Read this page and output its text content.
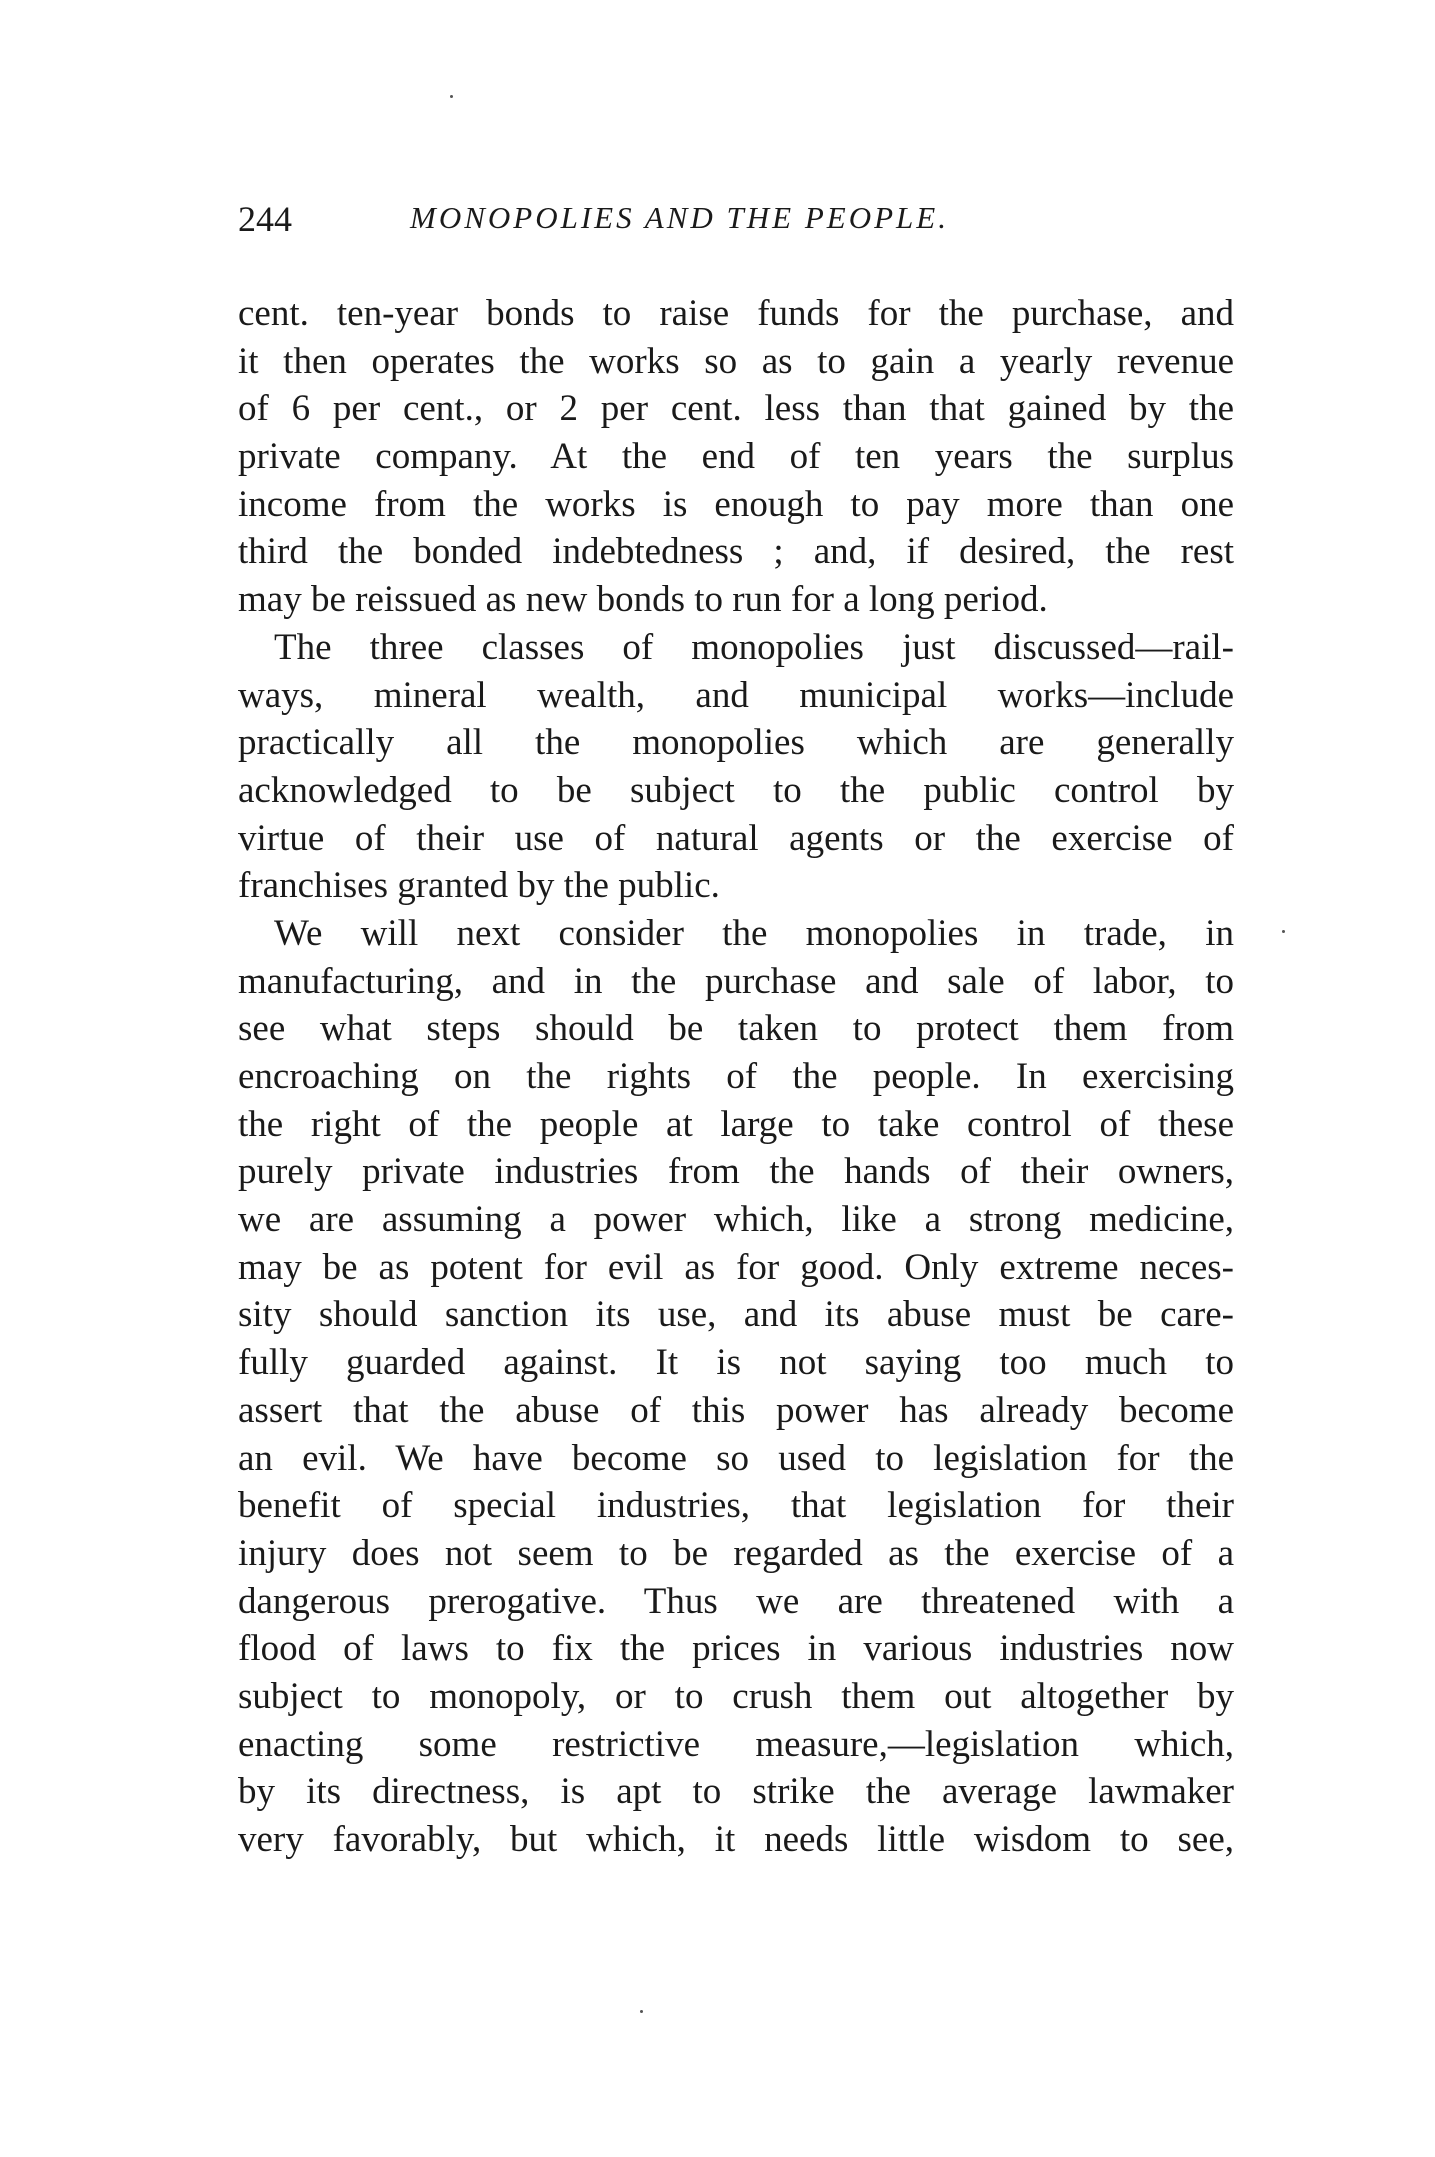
244	MONOPOLIES AND THE PEOPLE.
cent. ten-year bonds to raise funds for the purchase, and
it then operates the works so as to gain a yearly revenue
of 6 per cent., or 2 per cent. less than that gained by the
private company. At the end of ten years the surplus
income from the works is enough to pay more than one
third the bonded indebtedness ; and, if desired, the rest
may be reissued as new bonds to run for a long period.
The three classes of monopolies just discussed—rail-
ways, mineral wealth, and municipal works—include
practically all the monopolies which are generally
acknowledged to be subject to the public control by
virtue of their use of natural agents or the exercise of
franchises granted by the public.
We will next consider the monopolies in trade, in
manufacturing, and in the purchase and sale of labor, to
see what steps should be taken to protect them from
encroaching on the rights of the people. In exercising
the right of the people at large to take control of these
purely private industries from the hands of their owners,
we are assuming a power which, like a strong medicine,
may be as potent for evil as for good. Only extreme neces-
sity should sanction its use, and its abuse must be care-
fully guarded against. It is not saying too much to
assert that the abuse of this power has already become
an evil. We have become so used to legislation for the
benefit of special industries, that legislation for their
injury does not seem to be regarded as the exercise of a
dangerous prerogative. Thus we are threatened with a
flood of laws to fix the prices in various industries now
subject to monopoly, or to crush them out altogether by
enacting some restrictive measure,—legislation which,
by its directness, is apt to strike the average lawmaker
very favorably, but which, it needs little wisdom to see,
